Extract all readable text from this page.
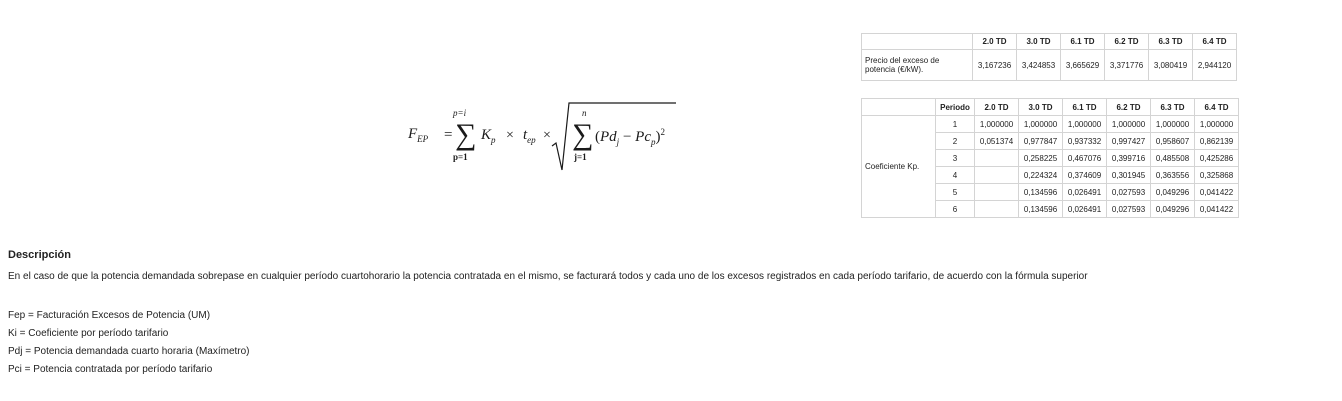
$F_{EP}$ =
p=i
∑
p=1
$K_p \times t_{ep}$ ×
n
∑
j=1
$(Pd_j - Pc_p)^2$
	2.0 TD	3.0 TD	6.1 TD	6.2 TD	6.3 TD	6.4 TD
Precio del exceso de potencia (€/kW).	3,167236	3,424853	3,665629	3,371776	3,080419	2,944120
	Periodo	2.0 TD	3.0 TD	6.1 TD	6.2 TD	6.3 TD	6.4 TD
Coeficiente Kp.	1	1,000000	1,000000	1,000000	1,000000	1,000000	1,000000
	2	0,051374	0,977847	0,937332	0,997427	0,958607	0,862139
	3		0,258225	0,467076	0,399716	0,485508	0,425286
	4		0,224324	0,374609	0,301945	0,363556	0,325868
	5		0,134596	0,026491	0,027593	0,049296	0,041422
	6		0,134596	0,026491	0,027593	0,049296	0,041422
Descripción
En el caso de que la potencia demandada sobrepase en cualquier período cuartohorario la potencia contratada en el mismo, se facturará todos y cada uno de los excesos registrados en cada período tarifario, de acuerdo con la fórmula superior
Fep = Facturación Excesos de Potencia (UM)
Ki = Coeficiente por período tarifario
Pdj = Potencia demandada cuarto horaria (Maxímetro)
Pci = Potencia contratada por período tarifario
